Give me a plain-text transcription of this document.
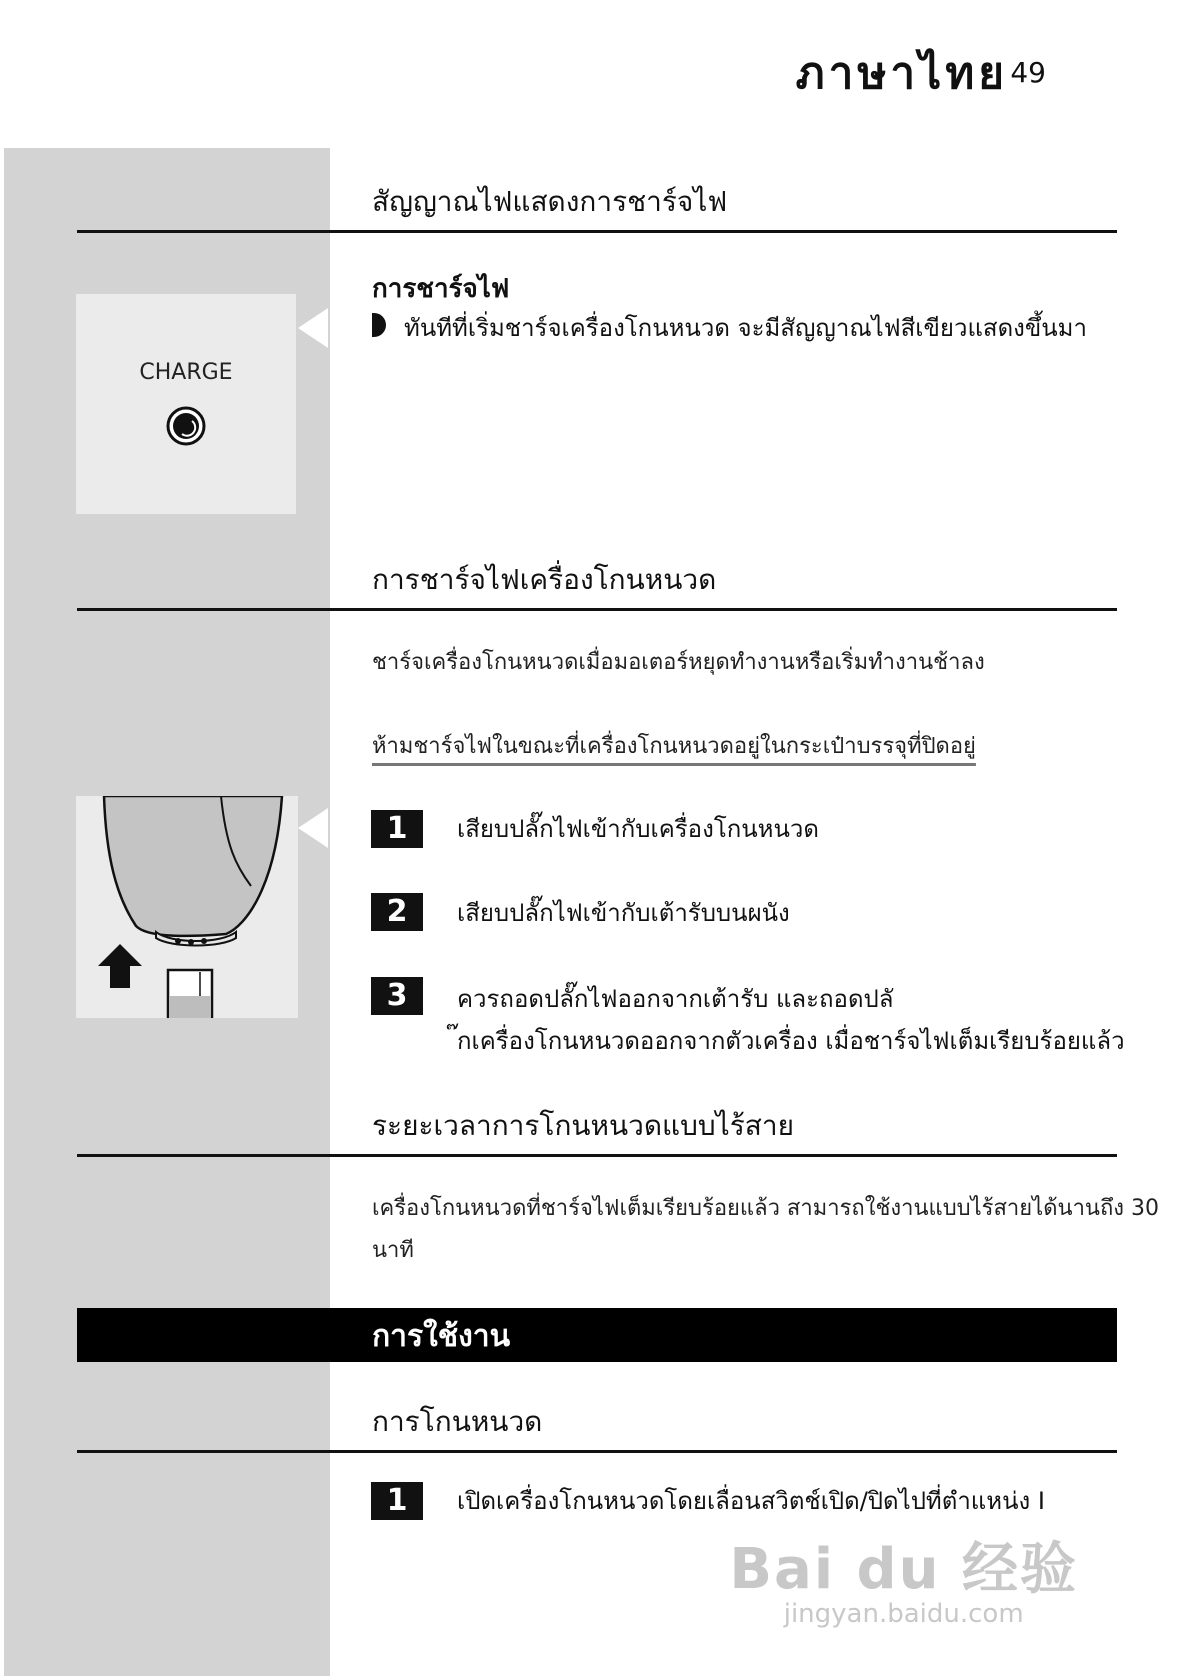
ภาษาไทย 49
สัญญาณไฟแสดงการชาร์จไฟ
CHARGE
การชาร์จไฟ
ทันทีที่เริ่มชาร์จเครื่องโกนหนวด จะมีสัญญาณไฟสีเขียวแสดงขึ้นมา
การชาร์จไฟเครื่องโกนหนวด
ชาร์จเครื่องโกนหนวดเมื่อมอเตอร์หยุดทำงานหรือเริ่มทำงานช้าลง
ห้ามชาร์จไฟในขณะที่เครื่องโกนหนวดอยู่ในกระเป๋าบรรจุที่ปิดอยู่
1	เสียบปลั๊กไฟเข้ากับเครื่องโกนหนวด
2	เสียบปลั๊กไฟเข้ากับเต้ารับบนผนัง
3	ควรถอดปลั๊กไฟออกจากเต้ารับ และถอดปลั
๊กเครื่องโกนหนวดออกจากตัวเครื่อง เมื่อชาร์จไฟเต็มเรียบร้อยแล้ว
ระยะเวลาการโกนหนวดแบบไร้สาย
เครื่องโกนหนวดที่ชาร์จไฟเต็มเรียบร้อยแล้ว สามารถใช้งานแบบไร้สายได้นานถึง 30
นาที
การใช้งาน
การโกนหนวด
1	เปิดเครื่องโกนหนวดโดยเลื่อนสวิตช์เปิด/ปิดไปที่ตำแหน่ง I
Bai du 经验
jingyan.baidu.com
